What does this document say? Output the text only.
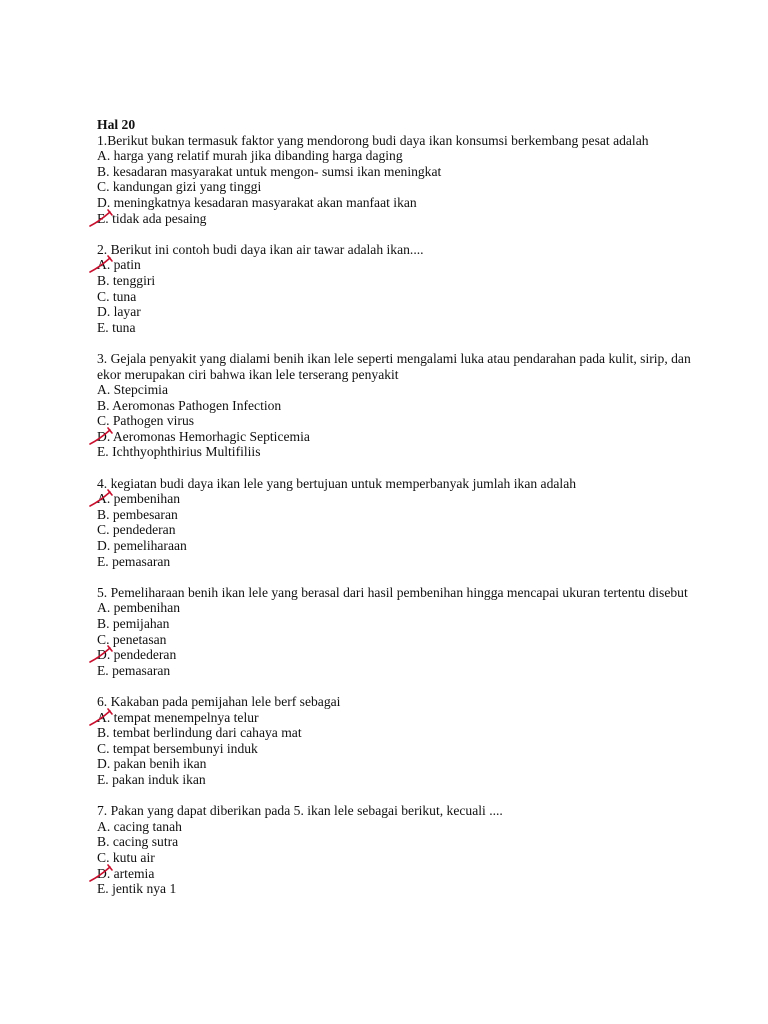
Hal 20
1.Berikut bukan termasuk faktor yang mendorong budi daya ikan konsumsi berkembang pesat adalah
A. harga yang relatif murah jika dibanding harga daging
B. kesadaran masyarakat untuk mengon- sumsi ikan meningkat
C. kandungan gizi yang tinggi
D. meningkatnya kesadaran masyarakat akan manfaat ikan
E. tidak ada pesaing
2. Berikut ini contoh budi daya ikan air tawar adalah ikan....
A. patin
B. tenggiri
C. tuna
D. layar
E. tuna
3. Gejala penyakit yang dialami benih ikan lele seperti mengalami luka atau pendarahan pada kulit, sirip, dan ekor merupakan ciri bahwa ikan lele terserang penyakit
A. Stepcimia
B. Aeromonas Pathogen Infection
C. Pathogen virus
D. Aeromonas Hemorhagic Septicemia
E. Ichthyophthirius Multifiliis
4. kegiatan budi daya ikan lele yang bertujuan untuk memperbanyak jumlah ikan adalah
A. pembenihan
B. pembesaran
C. pendederan
D. pemeliharaan
E. pemasaran
5. Pemeliharaan benih ikan lele yang berasal dari hasil pembenihan hingga mencapai ukuran tertentu disebut
A. pembenihan
B. pemijahan
C. penetasan
D. pendederan
E. pemasaran
6. Kakaban pada pemijahan lele berf sebagai
A. tempat menempelnya telur
B. tembat berlindung dari cahaya mat
C. tempat bersembunyi induk
D. pakan benih ikan
E. pakan induk ikan
7. Pakan yang dapat diberikan pada 5. ikan lele sebagai berikut, kecuali ....
A. cacing tanah
B. cacing sutra
C. kutu air
D. artemia
E. jentik nya 1
